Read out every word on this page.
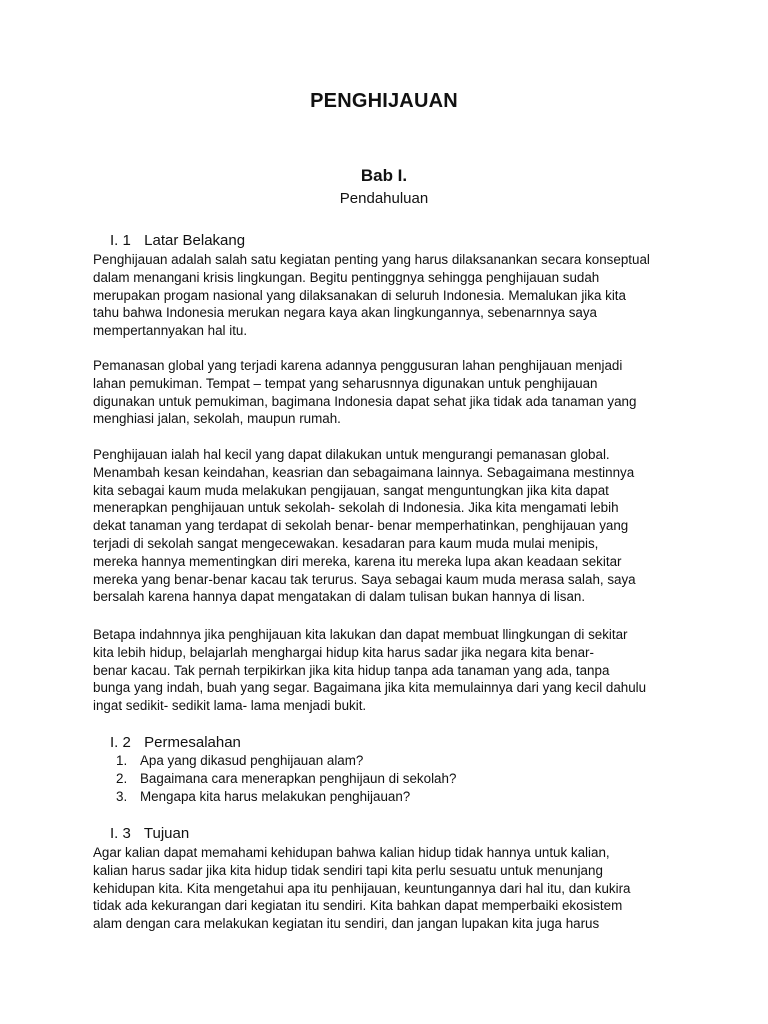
PENGHIJAUAN
Bab I.
Pendahuluan
I. 1 Latar Belakang
Penghijauan adalah salah satu kegiatan penting yang harus dilaksanankan secara konseptual
dalam menangani krisis lingkungan. Begitu pentinggnya sehingga penghijauan sudah
merupakan progam nasional yang dilaksanakan di seluruh Indonesia. Memalukan jika kita
tahu bahwa Indonesia merukan negara kaya akan lingkungannya, sebenarnnya saya
mempertannyakan hal itu.
Pemanasan global yang terjadi karena adannya penggusuran lahan penghijauan menjadi
lahan pemukiman. Tempat – tempat yang seharusnnya digunakan untuk penghijauan
digunakan untuk pemukiman, bagimana Indonesia dapat sehat jika tidak ada tanaman yang
menghiasi jalan, sekolah, maupun rumah.
Penghijauan ialah hal kecil yang dapat dilakukan untuk mengurangi pemanasan global.
Menambah kesan keindahan, keasrian dan sebagaimana lainnya. Sebagaimana mestinnya
kita sebagai kaum muda melakukan pengijauan, sangat menguntungkan jika kita dapat
menerapkan penghijauan untuk sekolah- sekolah di Indonesia. Jika kita mengamati lebih
dekat tanaman yang terdapat di sekolah benar- benar memperhatinkan, penghijauan yang
terjadi di sekolah sangat mengecewakan. kesadaran para kaum muda mulai menipis,
mereka hannya mementingkan diri mereka, karena itu mereka lupa akan keadaan sekitar
mereka yang benar-benar kacau tak terurus. Saya sebagai kaum muda merasa salah, saya
bersalah karena hannya dapat mengatakan di dalam tulisan bukan hannya di lisan.
Betapa indahnnya jika penghijauan kita lakukan dan dapat membuat llingkungan di sekitar
kita lebih hidup, belajarlah menghargai hidup kita harus sadar jika negara kita benar-
benar kacau. Tak pernah terpikirkan jika kita hidup tanpa ada tanaman yang ada, tanpa
bunga yang indah, buah yang segar. Bagaimana jika kita memulainnya dari yang kecil dahulu
ingat sedikit- sedikit lama- lama menjadi bukit.
I. 2 Permesalahan
1. Apa yang dikasud penghijauan alam?
2. Bagaimana cara menerapkan penghijaun di sekolah?
3. Mengapa kita harus melakukan penghijauan?
I. 3 Tujuan
Agar kalian dapat memahami kehidupan bahwa kalian hidup tidak hannya untuk kalian,
kalian harus sadar jika kita hidup tidak sendiri tapi kita perlu sesuatu untuk menunjang
kehidupan kita. Kita mengetahui apa itu penhijauan, keuntungannya dari hal itu, dan kukira
tidak ada kekurangan dari kegiatan itu sendiri. Kita bahkan dapat memperbaiki ekosistem
alam dengan cara melakukan kegiatan itu sendiri, dan jangan lupakan kita juga harus
